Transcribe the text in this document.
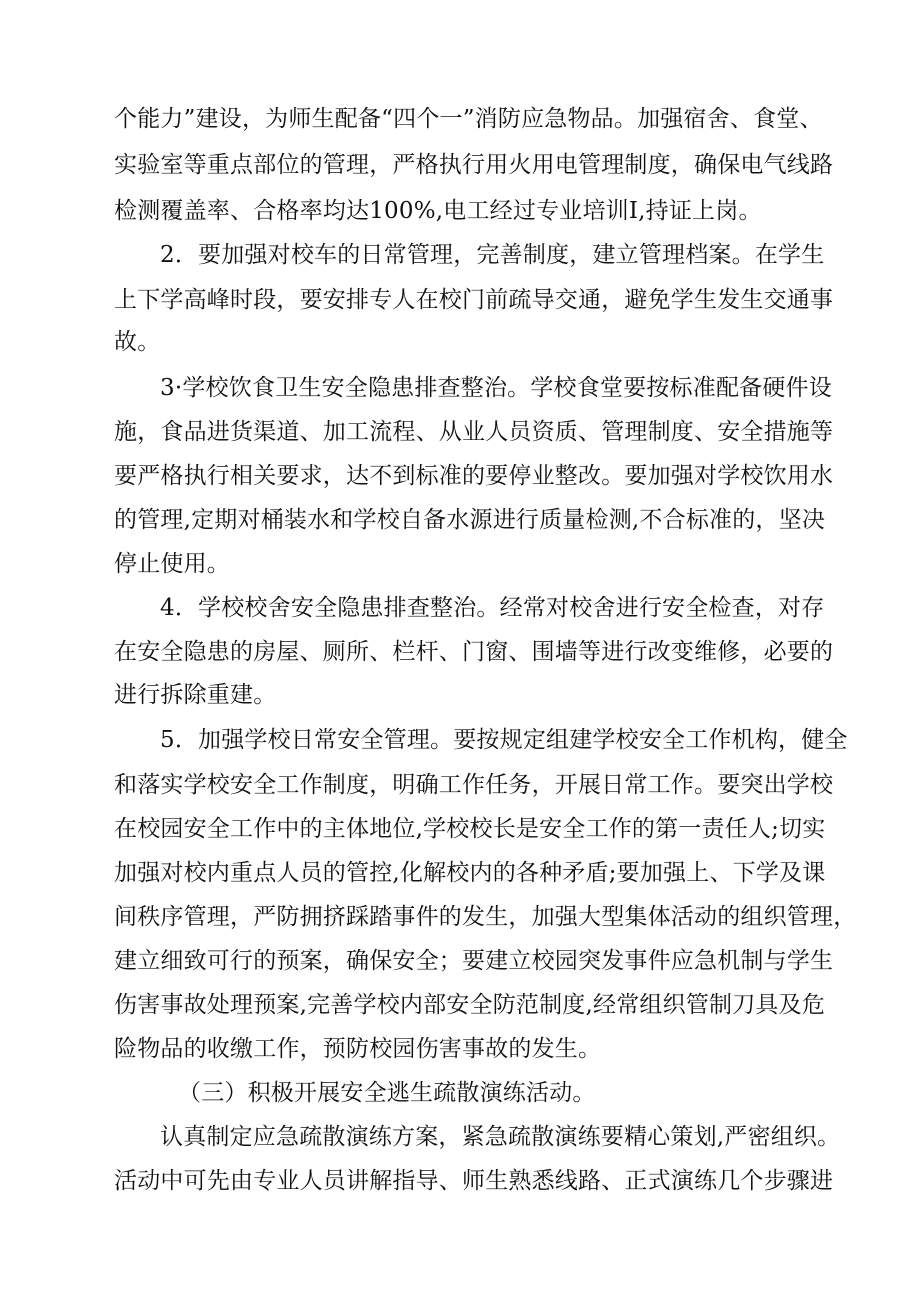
个能力”建设，为师生配备“四个一”消防应急物品。加强宿舍、食堂、
实验室等重点部位的管理，严格执行用火用电管理制度，确保电气线路
检测覆盖率、合格率均达100%,电工经过专业培训I,持证上岗。
2．要加强对校车的日常管理，完善制度，建立管理档案。在学生
上下学高峰时段，要安排专人在校门前疏导交通，避免学生发生交通事
故。
3·学校饮食卫生安全隐患排查整治。学校食堂要按标准配备硬件设
施，食品进货渠道、加工流程、从业人员资质、管理制度、安全措施等
要严格执行相关要求，达不到标准的要停业整改。要加强对学校饮用水
的管理,定期对桶装水和学校自备水源进行质量检测,不合标准的，坚决
停止使用。
4．学校校舍安全隐患排查整治。经常对校舍进行安全检查，对存
在安全隐患的房屋、厕所、栏杆、门窗、围墙等进行改变维修，必要的
进行拆除重建。
5．加强学校日常安全管理。要按规定组建学校安全工作机构，健全
和落实学校安全工作制度，明确工作任务，开展日常工作。要突出学校
在校园安全工作中的主体地位,学校校长是安全工作的第一责任人;切实
加强对校内重点人员的管控,化解校内的各种矛盾;要加强上、下学及课
间秩序管理，严防拥挤踩踏事件的发生，加强大型集体活动的组织管理，
建立细致可行的预案，确保安全；要建立校园突发事件应急机制与学生
伤害事故处理预案,完善学校内部安全防范制度,经常组织管制刀具及危
险物品的收缴工作，预防校园伤害事故的发生。
（三）积极开展安全逃生疏散演练活动。
认真制定应急疏散演练方案，紧急疏散演练要精心策划,严密组织。
活动中可先由专业人员讲解指导、师生熟悉线路、正式演练几个步骤进
